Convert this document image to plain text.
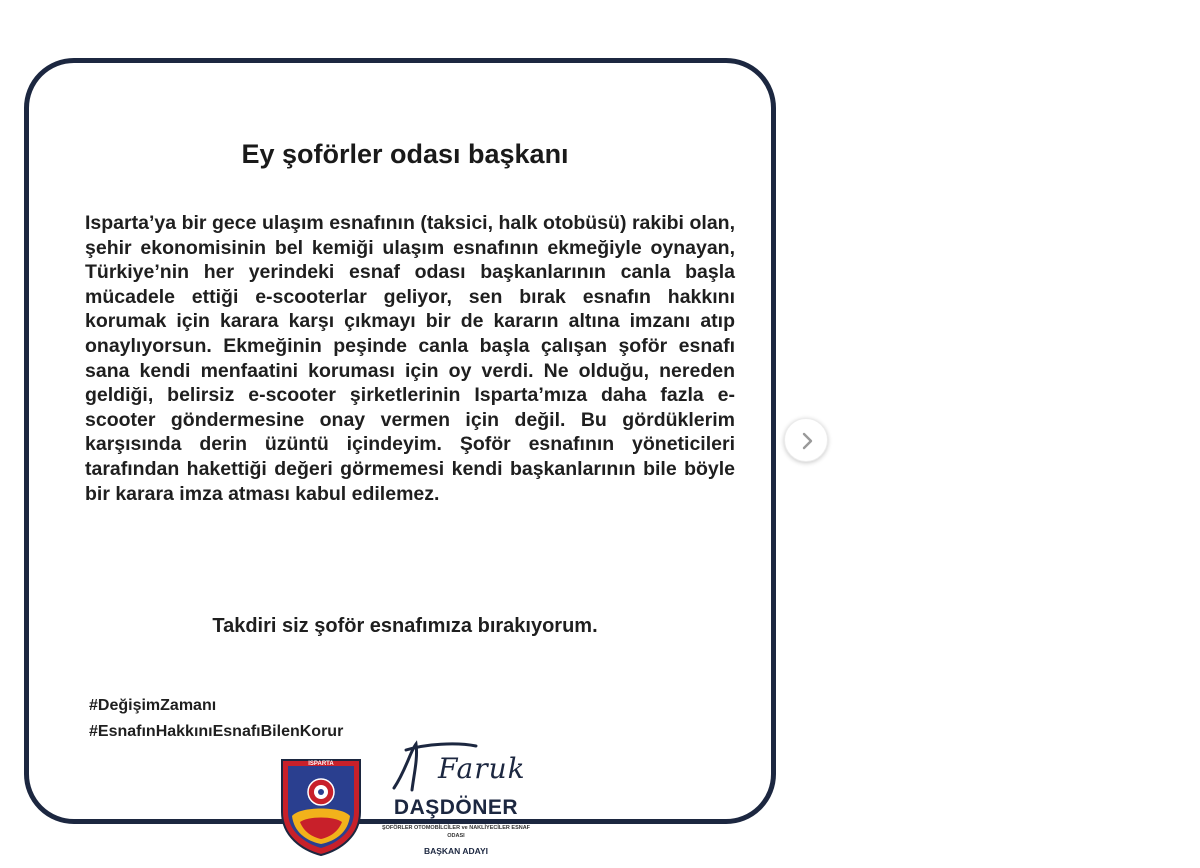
Ey şoförler odası başkanı

Isparta’ya bir gece ulaşım esnafının (taksici, halk otobüsü) rakibi olan, şehir ekonomisinin bel kemiği ulaşım esnafının ekmeğiyle oynayan, Türkiye’nin her yerindeki esnaf odası başkanlarının canla başla mücadele ettiği e-scooterlar geliyor, sen bırak esnafın hakkını korumak için karara karşı çıkmayı bir de kararın altına imzanı atıp onaylıyorsun. Ekmeğinin peşinde canla başla çalışan şoför esnafı sana kendi menfaatini koruması için oy verdi. Ne olduğu, nereden geldiği, belirsiz e-scooter şirketlerinin Isparta’mıza daha fazla e-scooter göndermesine onay vermen için değil. Bu gördüklerim karşısında derin üzüntü içindeyim. Şoför esnafının yöneticileri tarafından hakettiği değeri görmemesi kendi başkanlarının bile böyle bir karara imza atması kabul edilemez.

Takdiri siz şoför esnafımıza bırakıyorum.

#DeğişimZamanı
#EsnafınHakkınıEsnafıBilenKorur
ISPARTA	Faruk
DAŞDÖNER
ŞOFÖRLER OTOMOBİLCİLER ve NAKLİYECİLER ESNAF ODASI
BAŞKAN ADAYI
